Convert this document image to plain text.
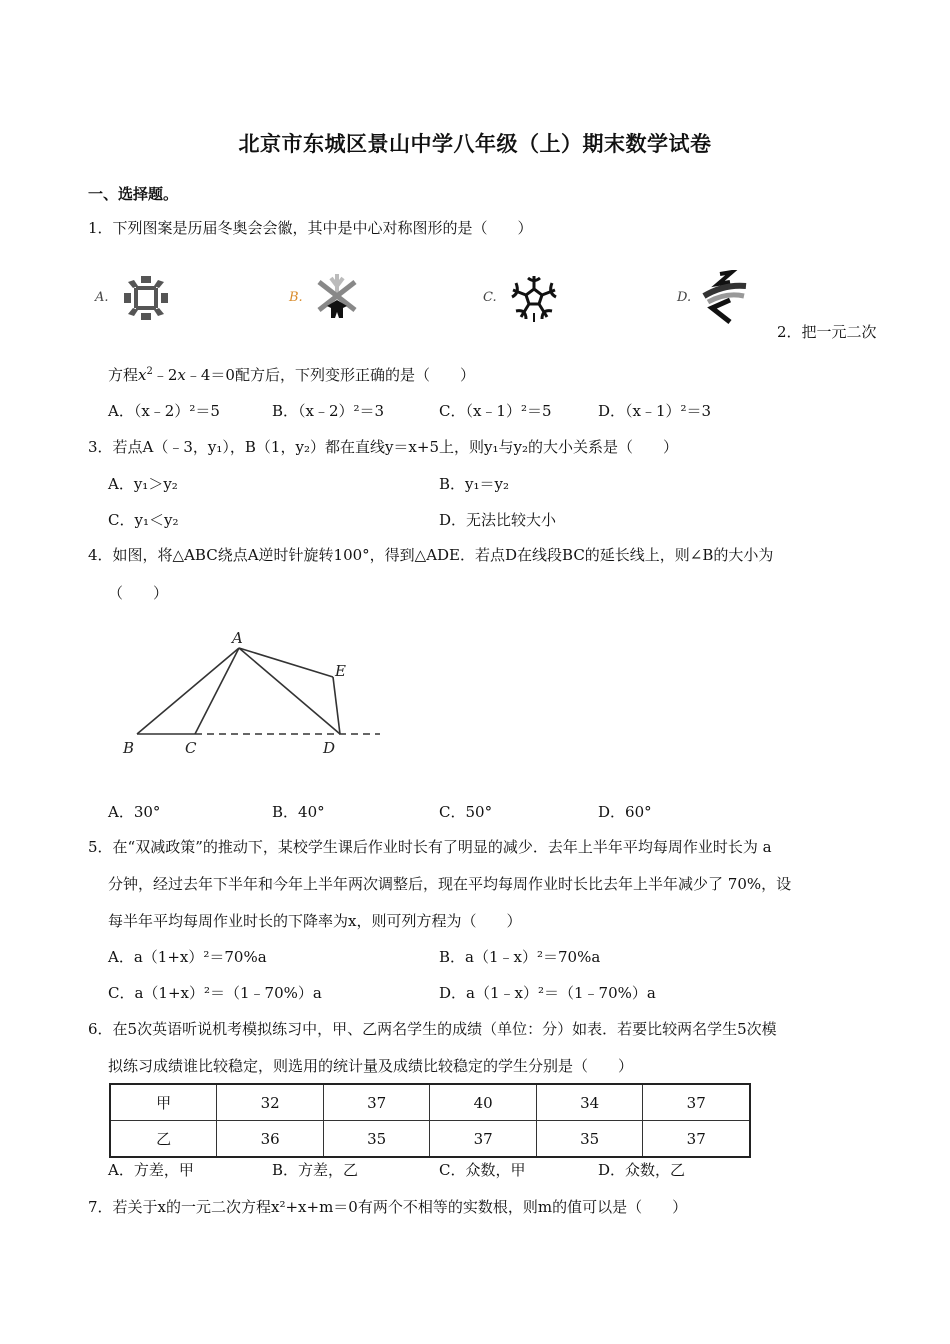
北京市东城区景山中学八年级（上）期末数学试卷
一、选择题。
1．下列图案是历届冬奥会会徽，其中是中心对称图形的是（　　）
A.	B.	C.	D.
2．把一元二次
方程$x^2﹣2x﹣4=0$配方后，下列变形正确的是（　　）
A．（x﹣2）²＝5	B．（x﹣2）²＝3	C．（x﹣1）²＝5	D．（x﹣1）²＝3
3．若点A（﹣3，y₁），B（1，y₂）都在直线y＝x+5上，则y₁与y₂的大小关系是（　　）
A．y₁＞y₂	B．y₁＝y₂
C．y₁＜y₂	D．无法比较大小
4．如图，将△ABC绕点A逆时针旋转100°，得到△ADE．若点D在线段BC的延长线上，则∠B的大小为
（　　）
A
E
B	C	D
A．30°	B．40°	C．50°	D．60°
5．在“双减政策”的推动下，某校学生课后作业时长有了明显的减少．去年上半年平均每周作业时长为 a
分钟，经过去年下半年和今年上半年两次调整后，现在平均每周作业时长比去年上半年减少了 70%，设
每半年平均每周作业时长的下降率为x，则可列方程为（　　）
A．a（1+x）²＝70%a	B．a（1﹣x）²＝70%a
C．a（1+x）²＝（1﹣70%）a	D．a（1﹣x）²＝（1﹣70%）a
6．在5次英语听说机考模拟练习中，甲、乙两名学生的成绩（单位：分）如表．若要比较两名学生5次模
拟练习成绩谁比较稳定，则选用的统计量及成绩比较稳定的学生分别是（　　）
甲	32	37	40	34	37
乙	36	35	37	35	37
A．方差，甲	B．方差，乙	C．众数，甲	D．众数，乙
7．若关于x的一元二次方程x²+x+m＝0有两个不相等的实数根，则m的值可以是（　　）
